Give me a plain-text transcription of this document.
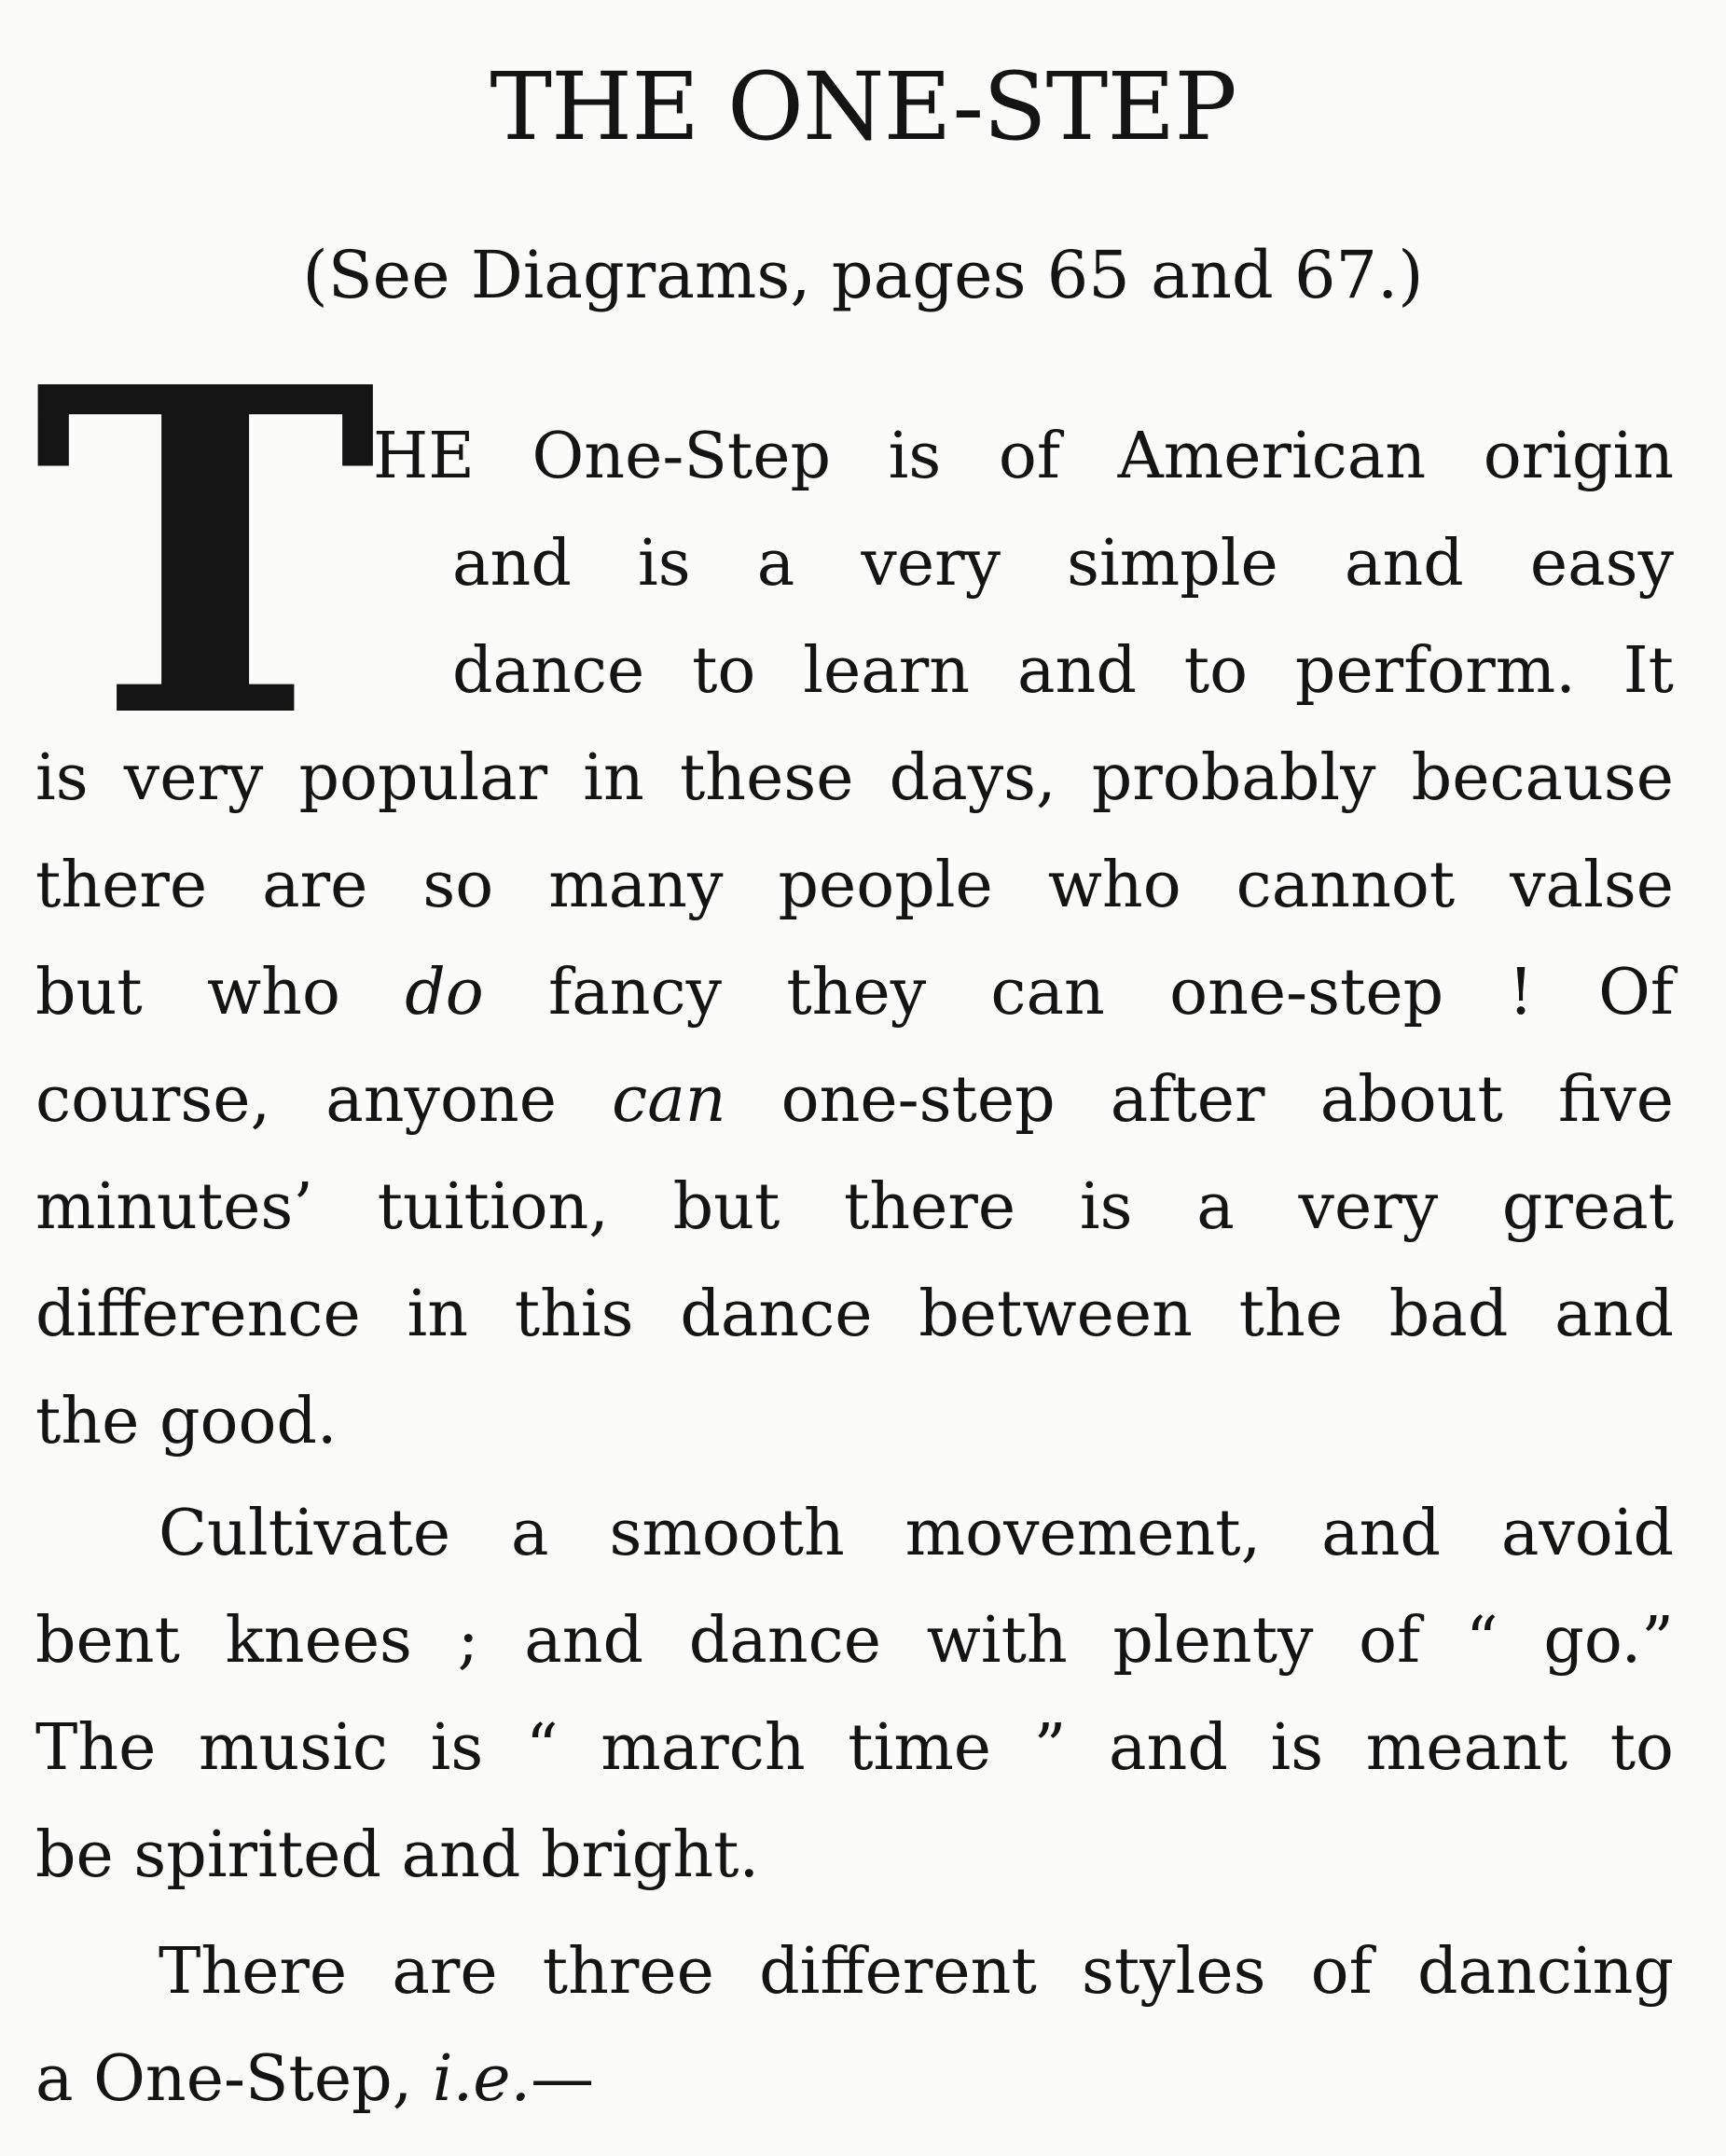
THE ONE-STEP
(See Diagrams, pages 65 and 67.)
T
HE One-Step is of American origin
and is a very simple and easy
dance to learn and to perform. It
is very popular in these days, probably because
there are so many people who cannot valse
but who do fancy they can one-step ! Of
course, anyone can one-step after about five
minutes’ tuition, but there is a very great
difference in this dance between the bad and
the good.
Cultivate a smooth movement, and avoid
bent knees ; and dance with plenty of “ go.”
The music is “ march time ” and is meant to
be spirited and bright.
There are three different styles of dancing
a One-Step, i.e.—
